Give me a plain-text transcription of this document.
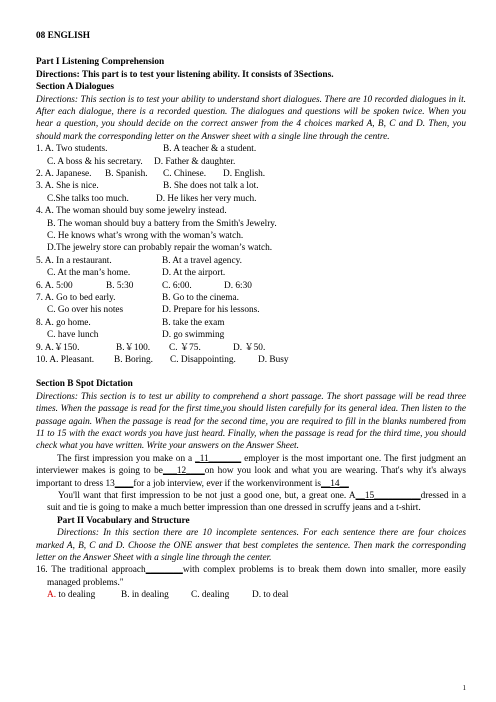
08 ENGLISH
Part I Listening Comprehension
Directions: This part is to test your listening ability. It consists of 3Sections.
Section A Dialogues
Directions: This section is to test your ability to understand short dialogues. There are 10 recorded dialogues in it. After each dialogue, there is a recorded question. The dialogues and questions will be spoken twice. When you hear a question, you should decide on the correct answer from the 4 choices marked A, B, C and D. Then, you should mark the corresponding letter on the Answer sheet with a single line through the centre.
1. A. Two students.	B. A teacher & a student.
C. A boss & his secretary. D. Father & daughter.
2. A. Japanese. B. Spanish. C. Chinese. D. English.
3. A. She is nice.	B. She does not talk a lot.
C.She talks too much.	D. He likes her very much.
4. A. The woman should buy some jewelry instead.
B. The woman should buy a battery from the Smith's Jewelry.
C. He knows what’s wrong with the woman’s watch.
D.The jewelry store can probably repair the woman’s watch.
5. A. In a restaurant.	B. At a travel agency.
C. At the man’s home.	D. At the airport.
6. A. 5:00	B. 5:30	C. 6:00.	D. 6:30
7. A. Go to bed early.	B. Go to the cinema.
C. Go over his notes	D. Prepare for his lessons.
8. A. go home.	B. take the exam
C. have lunch	D. go swimming
9. A.￥150.	B.￥100. C. ￥75.	D. ￥50.
10. A. Pleasant. B. Boring. C. Disappointing. D. Busy
Section B Spot Dictation
Directions: This section is to test ur ability to comprehend a short passage. The short passage will be read three times. When the passage is read for the first time,you should listen carefully for its general idea. Then listen to the passage again. When the passage is read for the second time, you are required to fill in the blanks numbered from 11 to 15 with the exact words you have just heard. Finally, when the passage is read for the third time, you should check what you have written. Write your answers on the Answer Sheet.
The first impression you make on a _11_______ employer is the most important one. The first judgment an interviewer makes is going to be___12____on how you look and what you are wearing. That's why it's always important to dress 13____for a job interview, ever if the workenvironment is__14__
You'll want that first impression to be not just a good one, but, a great one. A__15__________dressed in a suit and tie is going to make a much better impression than one dressed in scruffy jeans and a t-shirt.
Part II Vocabulary and Structure
Directions: In this section there are 10 incomplete sentences. For each sentence there are four choices marked A, B, C and D. Choose the ONE answer that best completes the sentence. Then mark the corresponding letter on the Answer Sheet with a single line through the center.
16. The traditional approach________with complex problems is to break them down into smaller, more easily managed problems."
A. to dealing	B. in dealing C. dealing D. to deal
1
